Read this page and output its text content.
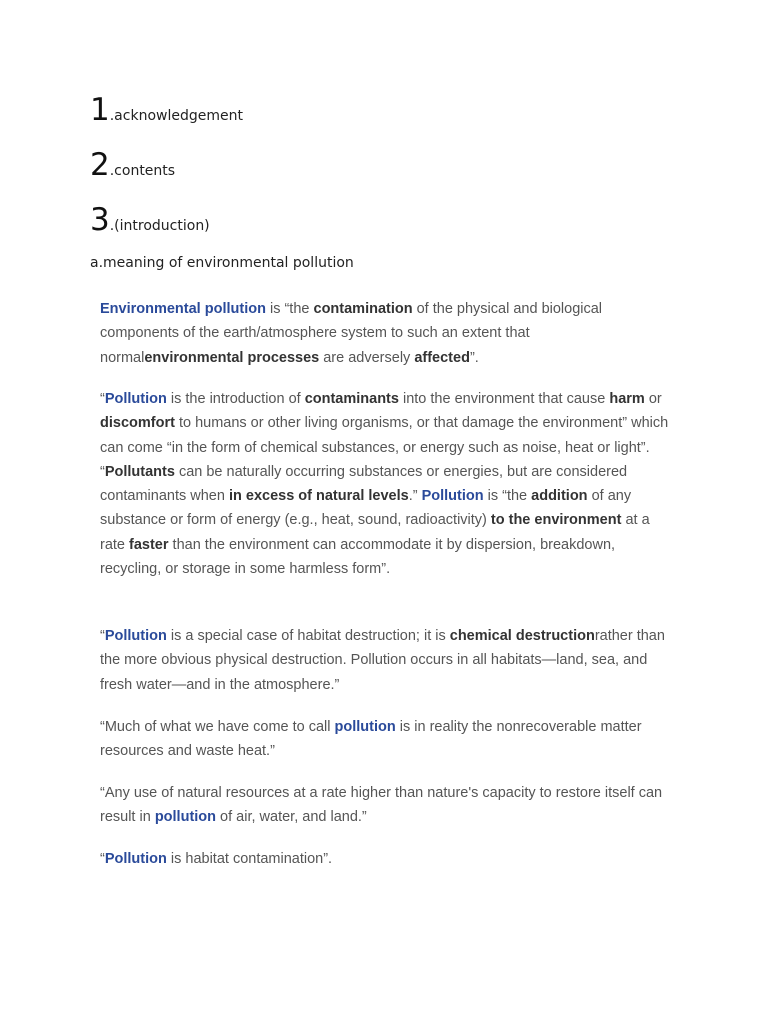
1 .acknowledgement
2 .contents
3 .(introduction)
a.meaning of environmental pollution

Environmental pollution is “the contamination of the physical and biological components of the earth/atmosphere system to such an extent that normalenvironmental processes are adversely affected”.

“Pollution is the introduction of contaminants into the environment that cause harm or discomfort to humans or other living organisms, or that damage the environment” which can come “in the form of chemical substances, or energy such as noise, heat or light”. “Pollutants can be naturally occurring substances or energies, but are considered contaminants when in excess of natural levels.” Pollution is “the addition of any substance or form of energy (e.g., heat, sound, radioactivity) to the environment at a rate faster than the environment can accommodate it by dispersion, breakdown, recycling, or storage in some harmless form”.

“Pollution is a special case of habitat destruction; it is chemical destructionrather than the more obvious physical destruction. Pollution occurs in all habitats—land, sea, and fresh water—and in the atmosphere.”

“Much of what we have come to call pollution is in reality the nonrecoverable matter resources and waste heat.”

“Any use of natural resources at a rate higher than nature's capacity to restore itself can result in pollution of air, water, and land.”

“Pollution is habitat contamination”.
